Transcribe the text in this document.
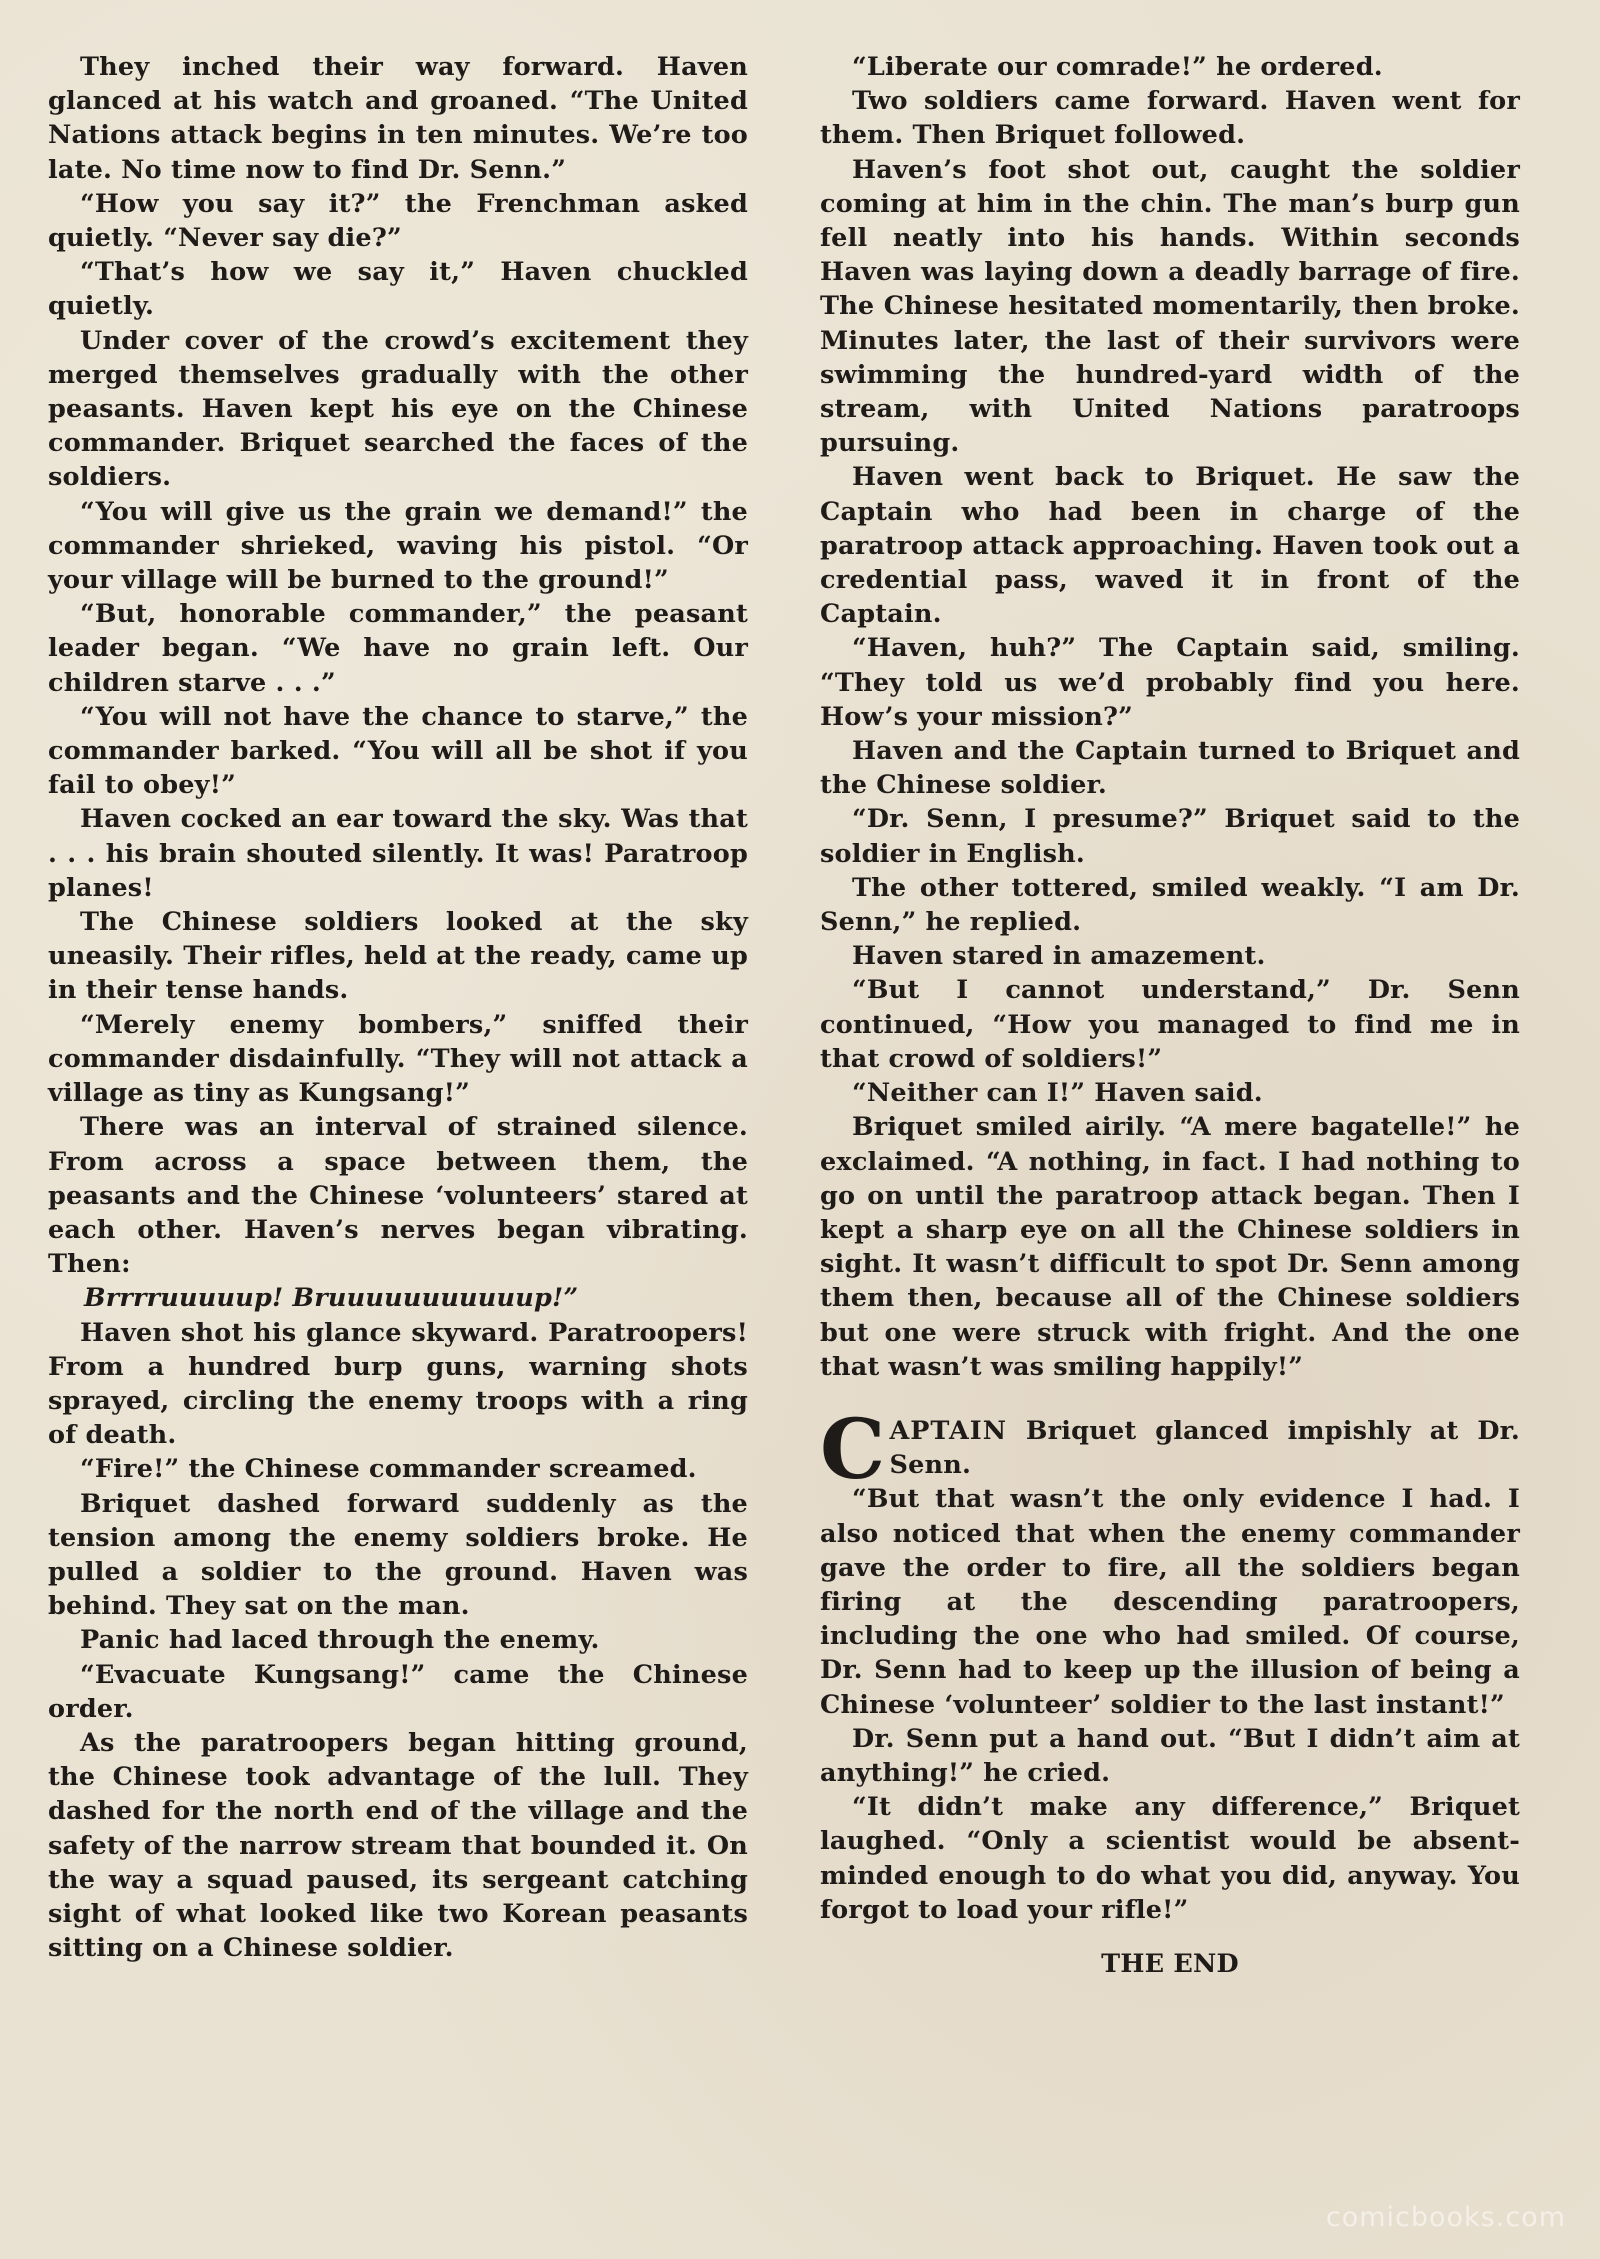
They inched their way forward. Haven glanced at his watch and groaned. “The United Nations attack begins in ten minutes. We’re too late. No time now to find Dr. Senn.”

“How you say it?” the Frenchman asked quietly. “Never say die?”

“That’s how we say it,” Haven chuckled quietly.

Under cover of the crowd’s excitement they merged themselves gradually with the other peasants. Haven kept his eye on the Chinese commander. Briquet searched the faces of the soldiers.

“You will give us the grain we demand!” the commander shrieked, waving his pistol. “Or your village will be burned to the ground!”

“But, honorable commander,” the peasant leader began. “We have no grain left. Our children starve . . .”

“You will not have the chance to starve,” the commander barked. “You will all be shot if you fail to obey!”

Haven cocked an ear toward the sky. Was that . . . his brain shouted silently. It was! Paratroop planes!

The Chinese soldiers looked at the sky uneasily. Their rifles, held at the ready, came up in their tense hands.

“Merely enemy bombers,” sniffed their commander disdainfully. “They will not attack a village as tiny as Kungsang!”

There was an interval of strained silence. From across a space between them, the peasants and the Chinese ‘volunteers’ stared at each other. Haven’s nerves began vibrating. Then:

Brrrruuuuup! Bruuuuuuuuuuup!”

Haven shot his glance skyward. Paratroopers! From a hundred burp guns, warning shots sprayed, circling the enemy troops with a ring of death.

“Fire!” the Chinese commander screamed.

Briquet dashed forward suddenly as the tension among the enemy soldiers broke. He pulled a soldier to the ground. Haven was behind. They sat on the man.

Panic had laced through the enemy.

“Evacuate Kungsang!” came the Chinese order.

As the paratroopers began hitting ground, the Chinese took advantage of the lull. They dashed for the north end of the village and the safety of the narrow stream that bounded it. On the way a squad paused, its sergeant catching sight of what looked like two Korean peasants sitting on a Chinese soldier.

“Liberate our comrade!” he ordered.

Two soldiers came forward. Haven went for them. Then Briquet followed.

Haven’s foot shot out, caught the soldier coming at him in the chin. The man’s burp gun fell neatly into his hands. Within seconds Haven was laying down a deadly barrage of fire. The Chinese hesitated momentarily, then broke. Minutes later, the last of their survivors were swimming the hundred-yard width of the stream, with United Nations paratroops pursuing.

Haven went back to Briquet. He saw the Captain who had been in charge of the paratroop attack approaching. Haven took out a credential pass, waved it in front of the Captain.

“Haven, huh?” The Captain said, smiling. “They told us we’d probably find you here. How’s your mission?”

Haven and the Captain turned to Briquet and the Chinese soldier.

“Dr. Senn, I presume?” Briquet said to the soldier in English.

The other tottered, smiled weakly. “I am Dr. Senn,” he replied.

Haven stared in amazement.

“But I cannot understand,” Dr. Senn continued, “How you managed to find me in that crowd of soldiers!”

“Neither can I!” Haven said.

Briquet smiled airily. “A mere bagatelle!” he exclaimed. “A nothing, in fact. I had nothing to go on until the paratroop attack began. Then I kept a sharp eye on all the Chinese soldiers in sight. It wasn’t difficult to spot Dr. Senn among them then, because all of the Chinese soldiers but one were struck with fright. And the one that wasn’t was smiling happily!”

CAPTAIN Briquet glanced impishly at Dr. Senn.

“But that wasn’t the only evidence I had. I also noticed that when the enemy commander gave the order to fire, all the soldiers began firing at the descending paratroopers, including the one who had smiled. Of course, Dr. Senn had to keep up the illusion of being a Chinese ‘volunteer’ soldier to the last instant!”

Dr. Senn put a hand out. “But I didn’t aim at anything!” he cried.

“It didn’t make any difference,” Briquet laughed. “Only a scientist would be absent-minded enough to do what you did, anyway. You forgot to load your rifle!”

THE END

comicbooks.com
